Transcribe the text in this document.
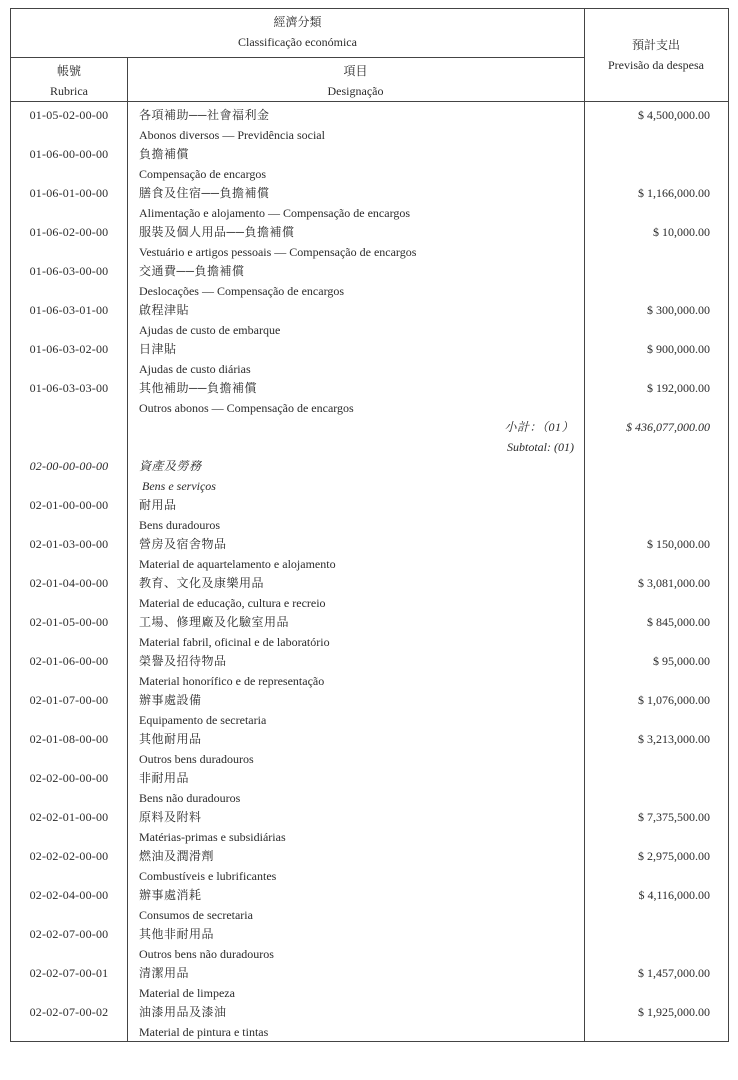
經濟分類
Classificação económica
帳號
Rubrica
項目
Designação
預計支出
Previsão da despesa
01-05-02-00-00	各項補助──社會福利金
Abonos diversos — Previdência social
$ 4,500,000.00
01-06-00-00-00	負擔補償
Compensação de encargos
01-06-01-00-00	膳食及住宿──負擔補償
Alimentação e alojamento — Compensação de encargos
$ 1,166,000.00
01-06-02-00-00	服裝及個人用品──負擔補償
Vestuário e artigos pessoais — Compensação de encargos
$ 10,000.00
01-06-03-00-00	交通費──負擔補償
Deslocações — Compensação de encargos
01-06-03-01-00	啟程津貼
Ajudas de custo de embarque
$ 300,000.00
01-06-03-02-00	日津貼
Ajudas de custo diárias
$ 900,000.00
01-06-03-03-00	其他補助──負擔補償
Outros abonos — Compensação de encargos
$ 192,000.00
小計：（01）
Subtotal: (01)
$ 436,077,000.00
02-00-00-00-00	資產及勞務
Bens e serviços
02-01-00-00-00	耐用品
Bens duradouros
02-01-03-00-00	營房及宿舍物品
Material de aquartelamento e alojamento
$ 150,000.00
02-01-04-00-00	教育、文化及康樂用品
Material de educação, cultura e recreio
$ 3,081,000.00
02-01-05-00-00	工場、修理廠及化驗室用品
Material fabril, oficinal e de laboratório
$ 845,000.00
02-01-06-00-00	榮譽及招待物品
Material honorífico e de representação
$ 95,000.00
02-01-07-00-00	辦事處設備
Equipamento de secretaria
$ 1,076,000.00
02-01-08-00-00	其他耐用品
Outros bens duradouros
$ 3,213,000.00
02-02-00-00-00	非耐用品
Bens não duradouros
02-02-01-00-00	原料及附料
Matérias-primas e subsidiárias
$ 7,375,500.00
02-02-02-00-00	燃油及潤滑劑
Combustíveis e lubrificantes
$ 2,975,000.00
02-02-04-00-00	辦事處消耗
Consumos de secretaria
$ 4,116,000.00
02-02-07-00-00	其他非耐用品
Outros bens não duradouros
02-02-07-00-01	清潔用品
Material de limpeza
$ 1,457,000.00
02-02-07-00-02	油漆用品及漆油
Material de pintura e tintas
$ 1,925,000.00
